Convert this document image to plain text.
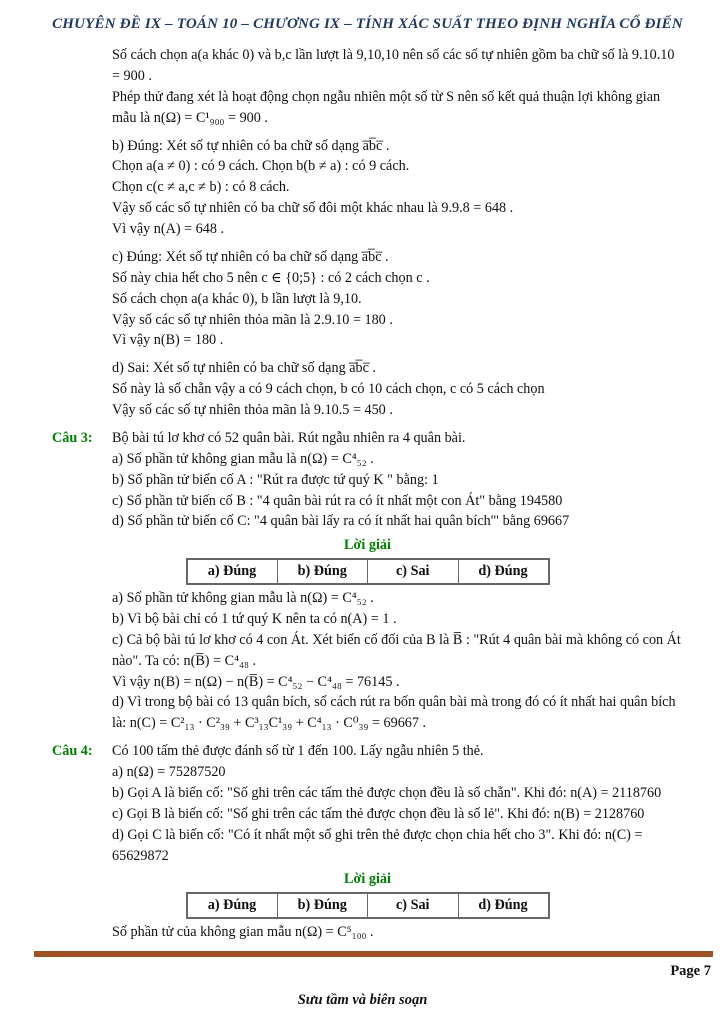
CHUYÊN ĐỀ IX – TOÁN 10 – CHƯƠNG IX – TÍNH XÁC SUẤT THEO ĐỊNH NGHĨA CỔ ĐIỂN

Số cách chọn a(a khác 0) và b,c lần lượt là 9,10,10 nên số các số tự nhiên gồm ba chữ số là 9.10.10 = 900 .

Phép thử đang xét là hoạt động chọn ngẫu nhiên một số từ S nên số kết quả thuận lợi không gian mẫu là n(Ω) = C¹₉₀₀ = 900 .

b) Đúng: Xét số tự nhiên có ba chữ số dạng a̅b̅c̅ .

Chọn a(a ≠ 0) : có 9 cách. Chọn b(b ≠ a) : có 9 cách.

Chọn c(c ≠ a,c ≠ b) : có 8 cách.

Vậy số các số tự nhiên có ba chữ số đôi một khác nhau là 9.9.8 = 648 .

Vì vậy n(A) = 648 .

c) Đúng: Xét số tự nhiên có ba chữ số dạng a̅b̅c̅ .

Số này chia hết cho 5 nên c ∈ {0;5} : có 2 cách chọn c .

Số cách chọn a(a khác 0), b lần lượt là 9,10.

Vậy số các số tự nhiên thỏa mãn là 2.9.10 = 180 .

Vì vậy n(B) = 180 .

d) Sai: Xét số tự nhiên có ba chữ số dạng a̅b̅c̅ .

Số này là số chẵn vậy a có 9 cách chọn, b có 10 cách chọn, c có 5 cách chọn

Vậy số các số tự nhiên thỏa mãn là 9.10.5 = 450 .

Câu 3: Bộ bài tú lơ khơ có 52 quân bài. Rút ngẫu nhiên ra 4 quân bài.

a) Số phần tử không gian mẫu là n(Ω) = C⁴₅₂ .

b) Số phần tử biến cố A : "Rút ra được tứ quý K " bằng: 1

c) Số phần tử biến cố B : "4 quân bài rút ra có ít nhất một con Át" bằng 194580

d) Số phần tử biến cố C: "4 quân bài lấy ra có ít nhất hai quân bích'" bằng 69667

Lời giải

a) Đúng	b) Đúng	c) Sai	d) Đúng

a) Số phần tử không gian mẫu là n(Ω) = C⁴₅₂ .

b) Vì bộ bài chỉ có 1 tứ quý K nên ta có n(A) = 1 .

c) Cả bộ bài tú lơ khơ có 4 con Át. Xét biến cố đối của B là B̅ : "Rút 4 quân bài mà không có con Át nào". Ta có: n(B̅) = C⁴₄₈ .

Vì vậy n(B) = n(Ω) − n(B̅) = C⁴₅₂ − C⁴₄₈ = 76145 .

d) Vì trong bộ bài có 13 quân bích, số cách rút ra bốn quân bài mà trong đó có ít nhất hai quân bích là: n(C) = C²₁₃ · C²₃₉ + C³₁₃C¹₃₉ + C⁴₁₃ · C⁰₃₉ = 69667 .

Câu 4: Có 100 tấm thẻ được đánh số từ 1 đến 100. Lấy ngẫu nhiên 5 thẻ.

a) n(Ω) = 75287520

b) Gọi A là biến cố: "Số ghi trên các tấm thẻ được chọn đều là số chẵn". Khi đó: n(A) = 2118760

c) Gọi B là biến cố: "Số ghi trên các tấm thẻ được chọn đều là số lẻ". Khi đó: n(B) = 2128760

d) Gọi C là biến cố: "Có ít nhất một số ghi trên thẻ được chọn chia hết cho 3". Khi đó: n(C) = 65629872

Lời giải

a) Đúng	b) Đúng	c) Sai	d) Đúng

Số phần tử của không gian mẫu n(Ω) = C⁵₁₀₀ .

Page 7
Sưu tầm và biên soạn
